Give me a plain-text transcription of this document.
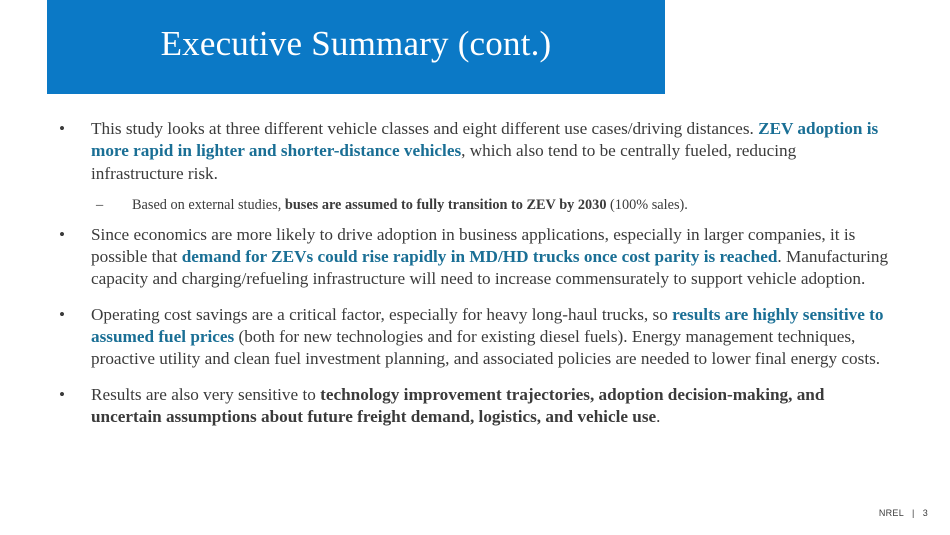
Executive Summary (cont.)
•	This study looks at three different vehicle classes and eight different use cases/driving distances. ZEV adoption is more rapid in lighter and shorter-distance vehicles, which also tend to be centrally fueled, reducing infrastructure risk.
– Based on external studies, buses are assumed to fully transition to ZEV by 2030 (100% sales).
•	Since economics are more likely to drive adoption in business applications, especially in larger companies, it is possible that demand for ZEVs could rise rapidly in MD/HD trucks once cost parity is reached. Manufacturing capacity and charging/refueling infrastructure will need to increase commensurately to support vehicle adoption.
•	Operating cost savings are a critical factor, especially for heavy long-haul trucks, so results are highly sensitive to assumed fuel prices (both for new technologies and for existing diesel fuels). Energy management techniques, proactive utility and clean fuel investment planning, and associated policies are needed to lower final energy costs.
•	Results are also very sensitive to technology improvement trajectories, adoption decision-making, and uncertain assumptions about future freight demand, logistics, and vehicle use.
NREL | 3
